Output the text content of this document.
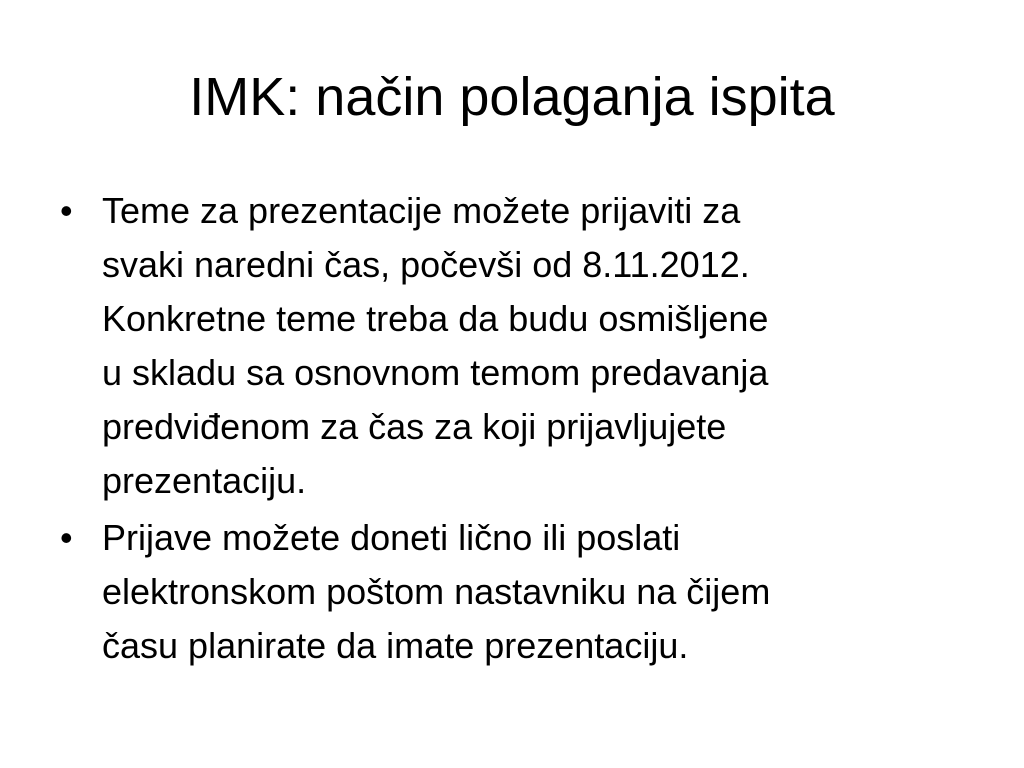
IMK: način polaganja ispita
• Teme za prezentacije možete prijaviti za
svaki naredni čas, počevši od 8.11.2012.
Konkretne teme treba da budu osmišljene
u skladu sa osnovnom temom predavanja
predviđenom za čas za koji prijavljujete
prezentaciju.
• Prijave možete doneti lično ili poslati
elektronskom poštom nastavniku na čijem
času planirate da imate prezentaciju.
